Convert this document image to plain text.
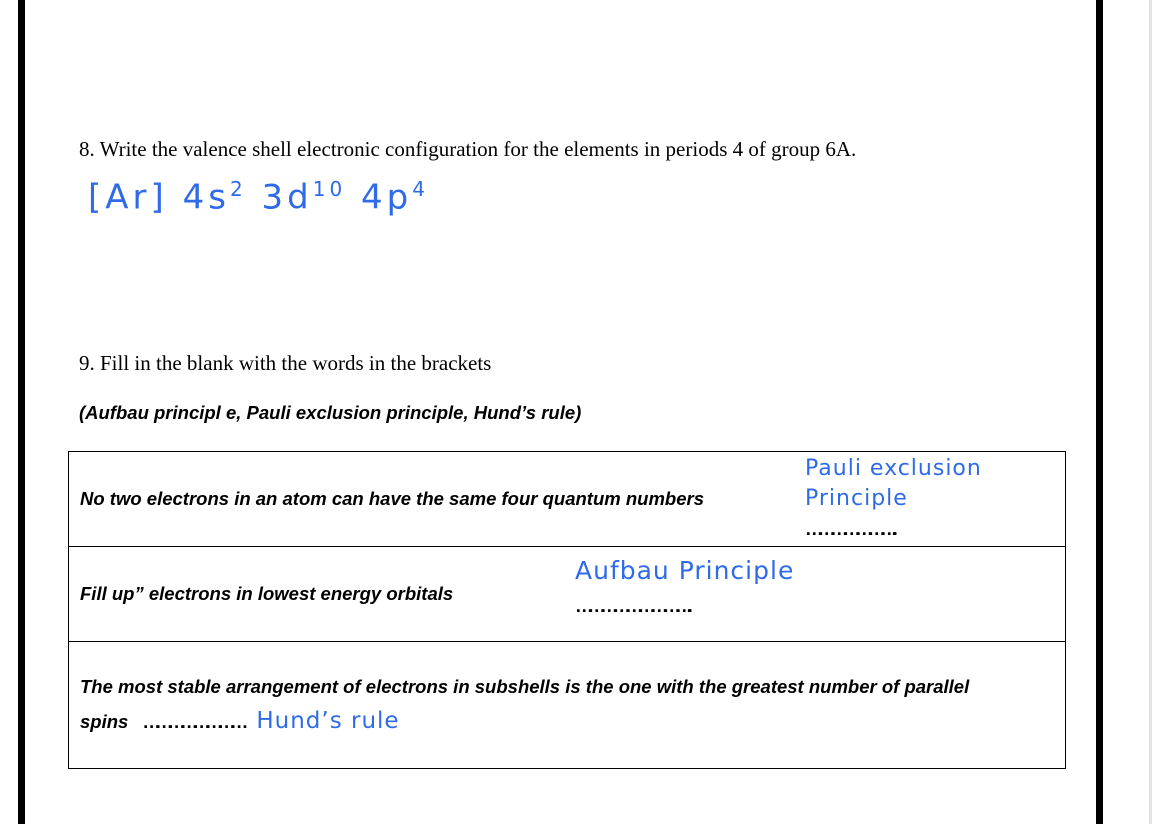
8. Write the valence shell electronic configuration for the elements in periods 4 of group 6A.
[Ar] $4s^2$ $3d^{10}$ $4p^4$
9. Fill in the blank with the words in the brackets
(Aufbau principl e, Pauli exclusion principle, Hund’s rule)
No two electrons in an atom can have the same four quantum numbers
Pauli exclusion
Principle
…………………..
Fill up” electrons in lowest energy orbitals
Aufbau Principle
………………………..
The most stable arrangement of electrons in subshells is the one with the greatest number of parallel
spins …………………… Hund’s rule
